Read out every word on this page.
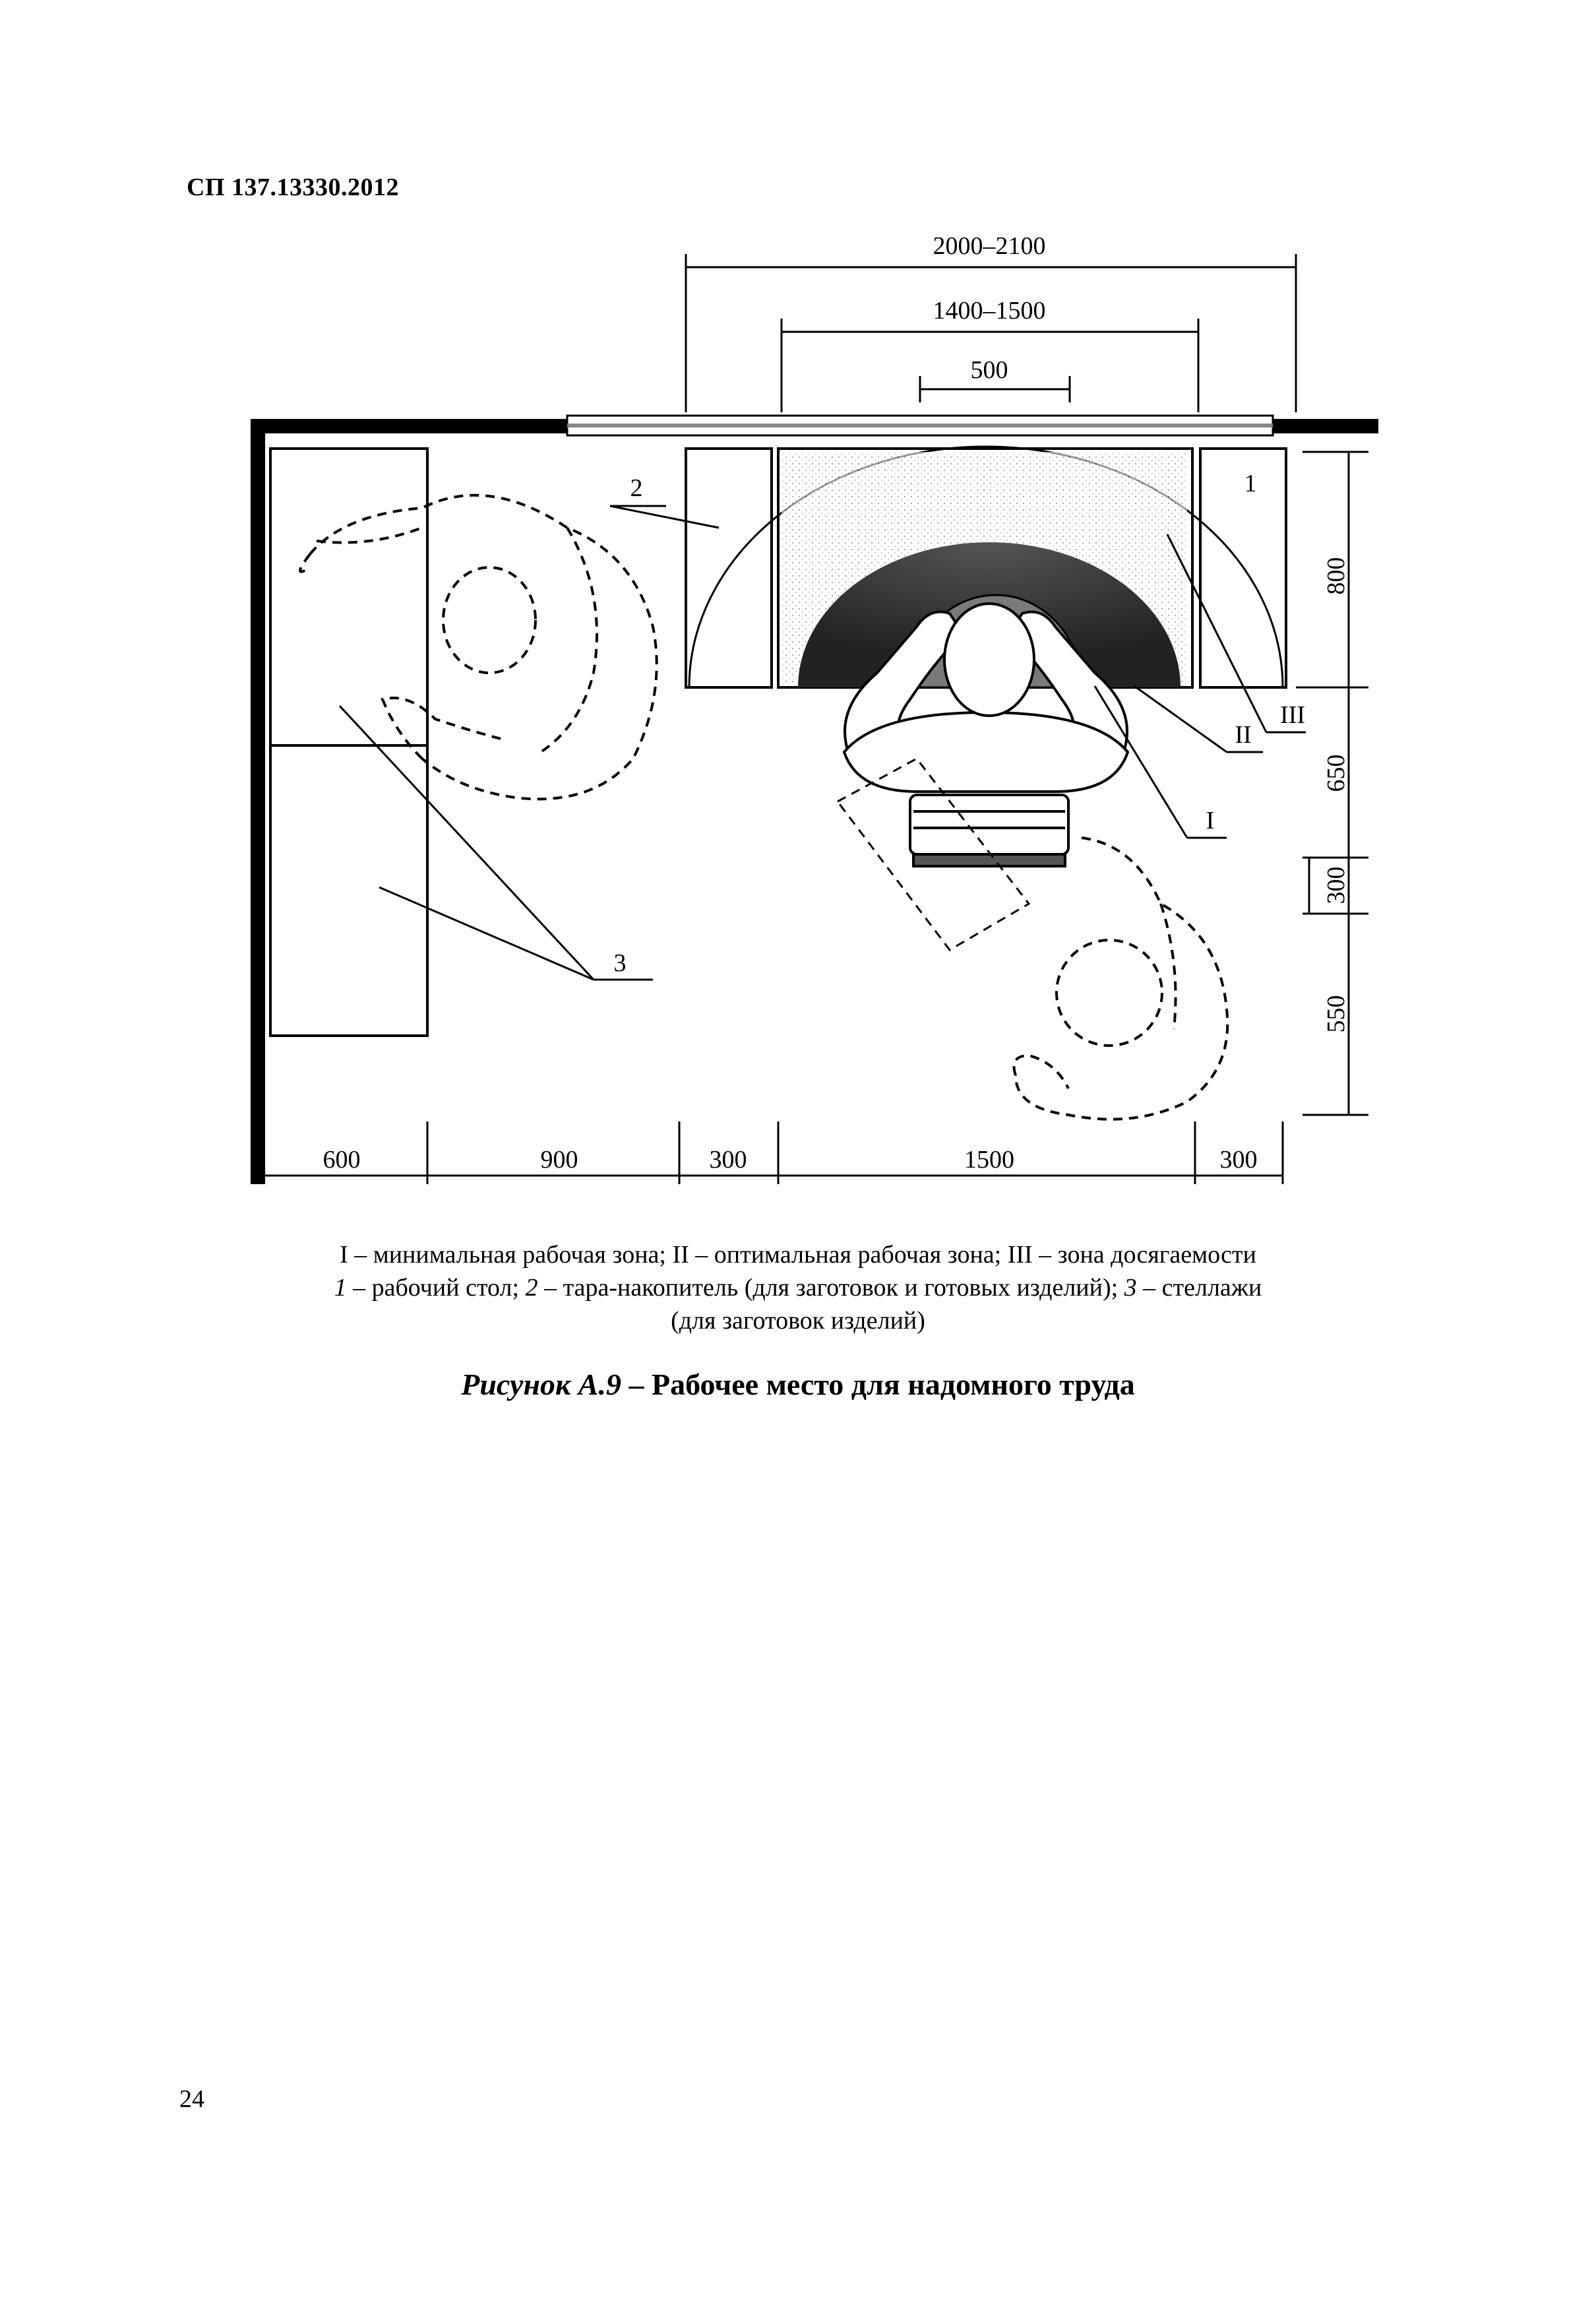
СП 137.13330.2012
2000–2100
1400–1500
500
600	900	300	1500	300
800
650
300
550
1
2
3
I
II
III
I – минимальная рабочая зона; II – оптимальная рабочая зона; III – зона досягаемости
1 – рабочий стол; 2 – тара-накопитель (для заготовок и готовых изделий); 3 – стеллажи
(для заготовок изделий)
Рисунок А.9 – Рабочее место для надомного труда
24
